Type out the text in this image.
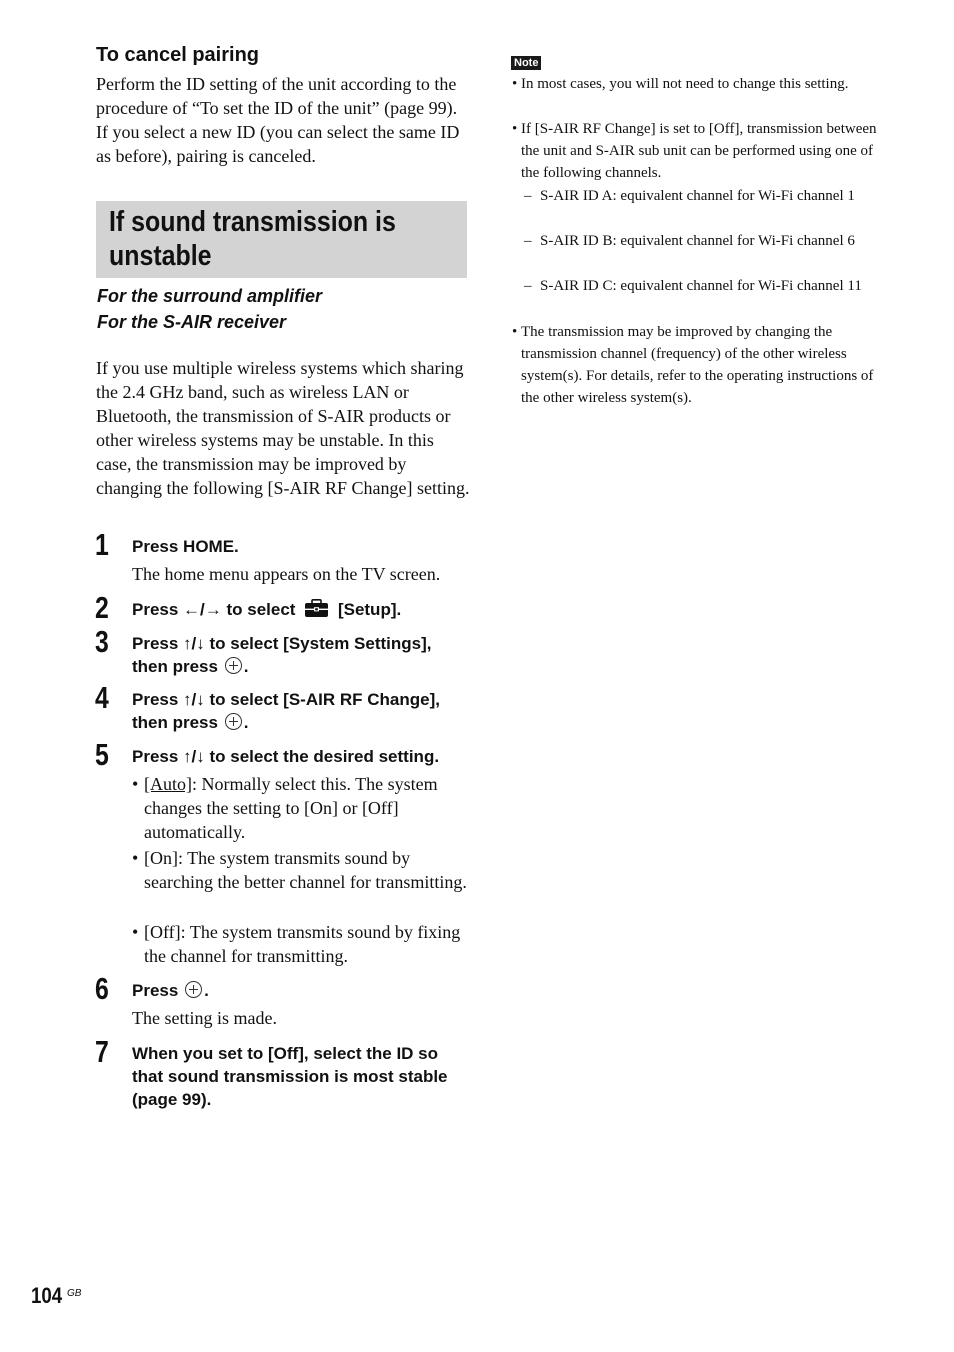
To cancel pairing
Perform the ID setting of the unit according to the procedure of “To set the ID of the unit” (page 99). If you select a new ID (you can select the same ID as before), pairing is canceled.
If sound transmission is
unstable
For the surround amplifier
For the S-AIR receiver
If you use multiple wireless systems which sharing the 2.4 GHz band, such as wireless LAN or Bluetooth, the transmission of S-AIR products or other wireless systems may be unstable. In this case, the transmission may be improved by changing the following [S-AIR RF Change] setting.
1 Press HOME.
The home menu appears on the TV screen.
2 Press ←/→ to select [Setup].
3 Press ↑/↓ to select [System Settings], then press .
4 Press ↑/↓ to select [S-AIR RF Change], then press .
5 Press ↑/↓ to select the desired setting.
• [Auto]: Normally select this. The system changes the setting to [On] or [Off] automatically.
• [On]: The system transmits sound by searching the better channel for transmitting.
• [Off]: The system transmits sound by fixing the channel for transmitting.
6 Press .
The setting is made.
7 When you set to [Off], select the ID so that sound transmission is most stable (page 99).
Note
• In most cases, you will not need to change this setting.
• If [S-AIR RF Change] is set to [Off], transmission between the unit and S-AIR sub unit can be performed using one of the following channels.
– S-AIR ID A: equivalent channel for Wi-Fi channel 1
– S-AIR ID B: equivalent channel for Wi-Fi channel 6
– S-AIR ID C: equivalent channel for Wi-Fi channel 11
• The transmission may be improved by changing the transmission channel (frequency) of the other wireless system(s). For details, refer to the operating instructions of the other wireless system(s).
104 GB
